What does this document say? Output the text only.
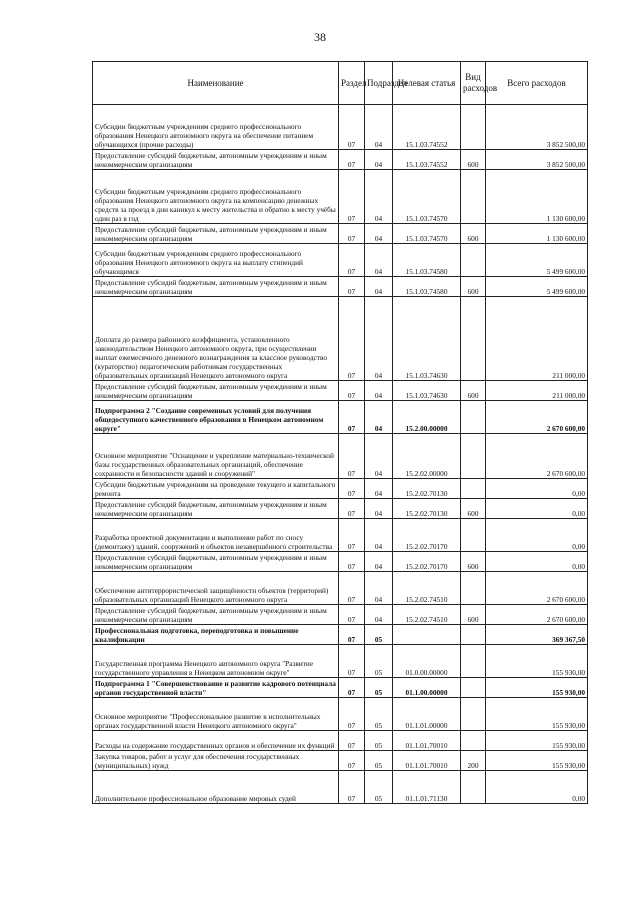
38
Наименование	Раздел	Подраздел	Целевая статья	Вид расходов	Всего расходов
Субсидии бюджетным учреждениям среднего профессионального образования Ненецкого автономного округа на обеспечение питанием обучающихся (прочие расходы)	07	04	15.1.03.74552		3 852 500,00
Предоставление субсидий бюджетным, автономным учреждениям и иным некоммерческим организациям	07	04	15.1.03.74552	600	3 852 500,00
Субсидии бюджетным учреждениям среднего профессионального образования Ненецкого автономного округа на компенсацию денежных средств за проезд в дни каникул к месту жительства и обратно к месту учёбы один раз в год	07	04	15.1.03.74570		1 130 600,00
Предоставление субсидий бюджетным, автономным учреждениям и иным некоммерческим организациям	07	04	15.1.03.74570	600	1 130 600,00
Субсидии бюджетным учреждениям среднего профессионального образования Ненецкого автономного округа на выплату стипендий обучающимся	07	04	15.1.03.74580		5 499 600,00
Предоставление субсидий бюджетным, автономным учреждениям и иным некоммерческим организациям	07	04	15.1.03.74580	600	5 499 600,00
Доплата до размера районного коэффициента, установленного законодательством Ненецкого автономного округа, при осуществлении выплат ежемесячного денежного вознаграждения за классное руководство (кураторство) педагогическим работникам государственных образовательных организаций Ненецкого автономного округа	07	04	15.1.03.74630		211 000,00
Предоставление субсидий бюджетным, автономным учреждениям и иным некоммерческим организациям	07	04	15.1.03.74630	600	211 000,00
Подпрограмма 2 "Создание современных условий для получения общедоступного качественного образования в Ненецком автономном округе"	07	04	15.2.00.00000		2 670 600,00
Основное мероприятие "Оснащение и укрепление материально-технической базы государственных образовательных организаций, обеспечение сохранности и безопасности зданий и сооружений"	07	04	15.2.02.00000		2 670 600,00
Субсидии бюджетным учреждениям на проведение текущего и капитального ремонта	07	04	15.2.02.70130		0,00
Предоставление субсидий бюджетным, автономным учреждениям и иным некоммерческим организациям	07	04	15.2.02.70130	600	0,00
Разработка проектной документации и выполнение работ по сносу (демонтажу) зданий, сооружений и объектов незавершённого строительства	07	04	15.2.02.70170		0,00
Предоставление субсидий бюджетным, автономным учреждениям и иным некоммерческим организациям	07	04	15.2.02.70170	600	0,00
Обеспечение антитеррористической защищённости объектов (территорий) образовательных организаций Ненецкого автономного округа	07	04	15.2.02.74510		2 670 600,00
Предоставление субсидий бюджетным, автономным учреждениям и иным некоммерческим организациям	07	04	15.2.02.74510	600	2 670 600,00
Профессиональная подготовка, переподготовка и повышение квалификации	07	05			369 367,50
Государственная программа Ненецкого автономного округа "Развитие государственного управления в Ненецком автономном округе"	07	05	01.0.00.00000		155 930,00
Подпрограмма 1 "Совершенствование и развитие кадрового потенциала органов государственной власти"	07	05	01.1.00.00000		155 930,00
Основное мероприятие "Профессиональное развитие в исполнительных органах государственной власти Ненецкого автономного округа"	07	05	01.1.01.00000		155 930,00
Расходы на содержание государственных органов и обеспечение их функций	07	05	01.1.01.70010		155 930,00
Закупка товаров, работ и услуг для обеспечения государственных (муниципальных) нужд	07	05	01.1.01.70010	200	155 930,00
Дополнительное профессиональное образование мировых судей	07	05	01.1.01.71130		0,00
